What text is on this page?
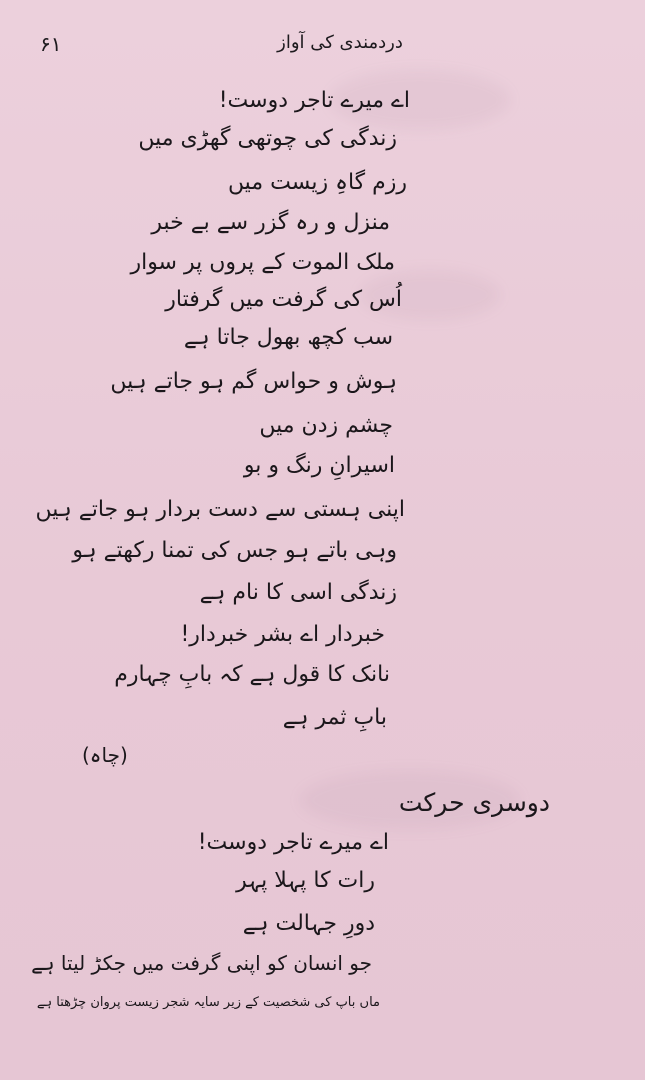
۶۱	دردمندی کی آواز
اے میرے تاجر دوست!
زندگی کی چوتھی گھڑی میں
رزم گاہِ زیست میں
منزل و رہ گزر سے بے خبر
ملک الموت کے پروں پر سوار
اُس کی گرفت میں گرفتار
سب کچھ بھول جاتا ہے
ہوش و حواس گم ہو جاتے ہیں
چشم زدن میں
اسیرانِ رنگ و بو
اپنی ہستی سے دست بردار ہو جاتے ہیں
وہی باتے ہو جس کی تمنا رکھتے ہو
زندگی اسی کا نام ہے
خبردار اے بشر خبردار!
نانک کا قول ہے کہ بابِ چہارم
بابِ ثمر ہے
(چاہ)
دوسری حرکت
اے میرے تاجر دوست!
رات کا پہلا پہر
دورِ جہالت ہے
جو انسان کو اپنی گرفت میں جکڑ لیتا ہے
ماں باپ کی شخصیت کے زیر سایہ شجر زیست پروان چڑھتا ہے
